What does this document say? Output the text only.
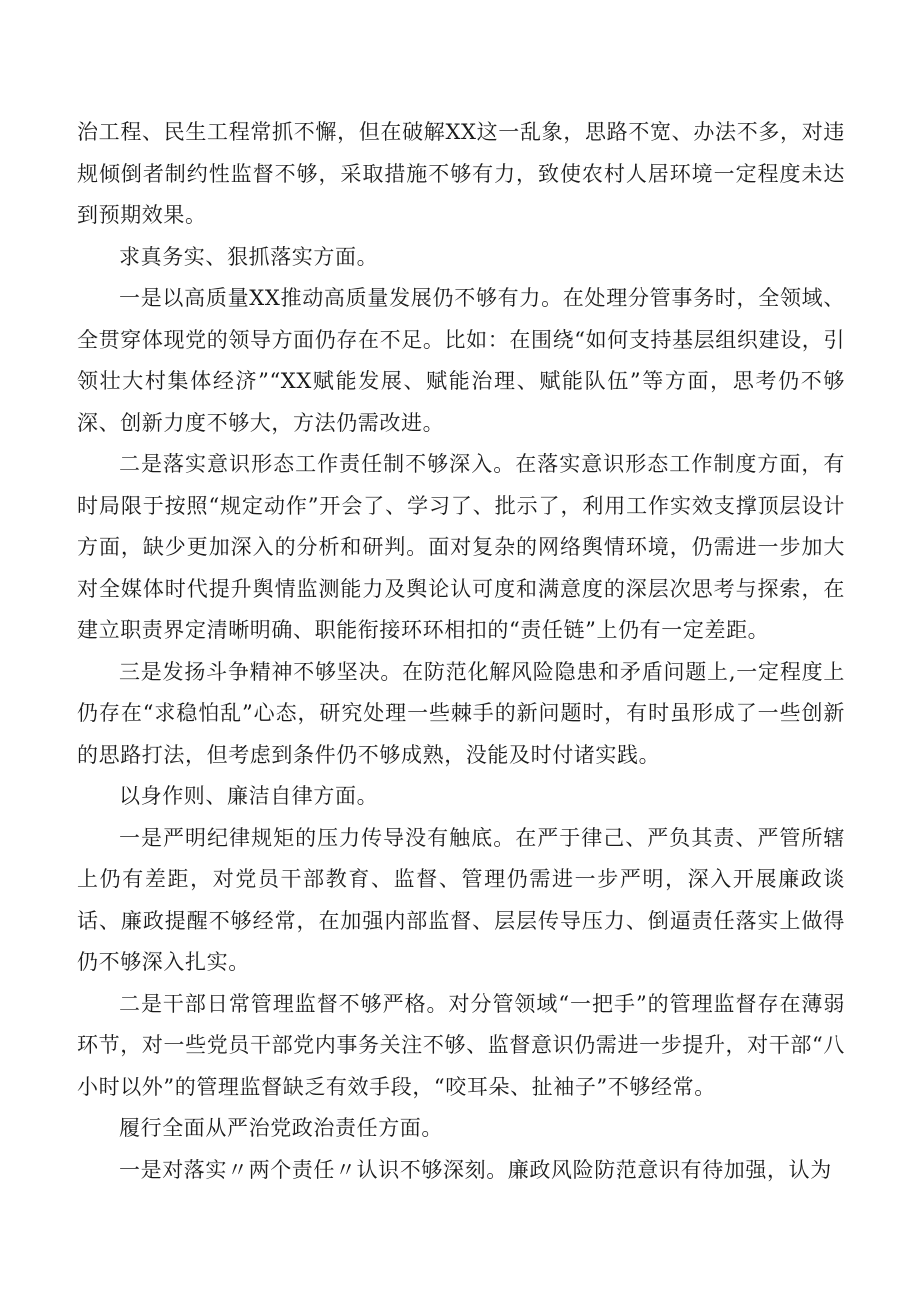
治工程、民生工程常抓不懈，但在破解XX这一乱象，思路不宽、办法不多，对违规倾倒者制约性监督不够，采取措施不够有力，致使农村人居环境一定程度未达到预期效果。

求真务实、狠抓落实方面。

一是以高质量XX推动高质量发展仍不够有力。在处理分管事务时，全领域、全贯穿体现党的领导方面仍存在不足。比如：在围绕“如何支持基层组织建设，引领壮大村集体经济”“XX赋能发展、赋能治理、赋能队伍”等方面，思考仍不够深、创新力度不够大，方法仍需改进。

二是落实意识形态工作责任制不够深入。在落实意识形态工作制度方面，有时局限于按照“规定动作”开会了、学习了、批示了，利用工作实效支撑顶层设计方面，缺少更加深入的分析和研判。面对复杂的网络舆情环境，仍需进一步加大对全媒体时代提升舆情监测能力及舆论认可度和满意度的深层次思考与探索，在建立职责界定清晰明确、职能衔接环环相扣的“责任链”上仍有一定差距。

三是发扬斗争精神不够坚决。在防范化解风险隐患和矛盾问题上,一定程度上仍存在“求稳怕乱”心态，研究处理一些棘手的新问题时，有时虽形成了一些创新的思路打法，但考虑到条件仍不够成熟，没能及时付诸实践。

以身作则、廉洁自律方面。

一是严明纪律规矩的压力传导没有触底。在严于律己、严负其责、严管所辖上仍有差距，对党员干部教育、监督、管理仍需进一步严明，深入开展廉政谈话、廉政提醒不够经常，在加强内部监督、层层传导压力、倒逼责任落实上做得仍不够深入扎实。

二是干部日常管理监督不够严格。对分管领域“一把手”的管理监督存在薄弱环节，对一些党员干部党内事务关注不够、监督意识仍需进一步提升，对干部“八小时以外”的管理监督缺乏有效手段，“咬耳朵、扯袖子”不够经常。

履行全面从严治党政治责任方面。

一是对落实〃两个责任〃认识不够深刻。廉政风险防范意识有待加强，认为
